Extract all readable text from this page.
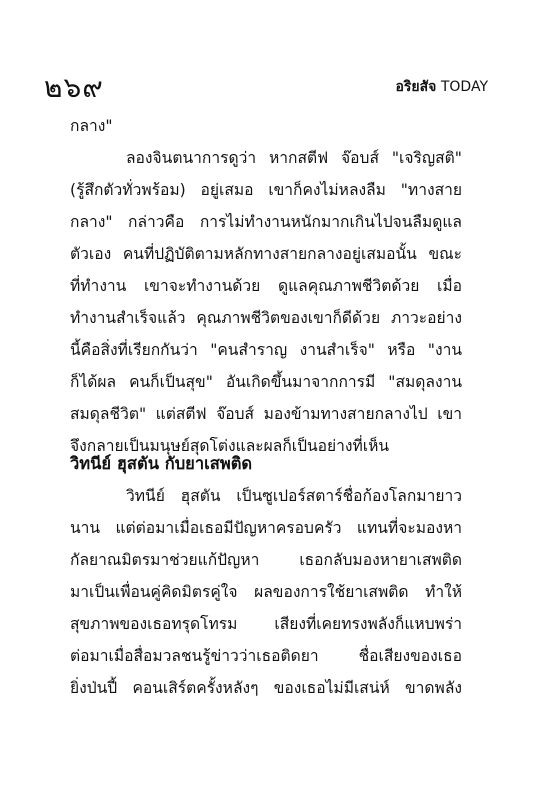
๒๖๙	อริยสัจ TODAY
กลาง"
ลองจินตนาการดูว่า หากสตีฟ จ๊อบส์ "เจริญสติ"
(รู้สึกตัวทั่วพร้อม) อยู่เสมอ เขาก็คงไม่หลงลืม "ทางสาย
กลาง" กล่าวคือ การไม่ทำงานหนักมากเกินไปจนลืมดูแล
ตัวเอง คนที่ปฏิบัติตามหลักทางสายกลางอยู่เสมอนั้น ขณะ
ที่ทำงาน เขาจะทำงานด้วย ดูแลคุณภาพชีวิตด้วย เมื่อ
ทำงานสำเร็จแล้ว คุณภาพชีวิตของเขาก็ดีด้วย ภาวะอย่าง
นี้คือสิ่งที่เรียกกันว่า "คนสำราญ งานสำเร็จ" หรือ "งาน
ก็ได้ผล คนก็เป็นสุข" อันเกิดขึ้นมาจากการมี "สมดุลงาน
สมดุลชีวิต" แต่สตีฟ จ๊อบส์ มองข้ามทางสายกลางไป เขา
จึงกลายเป็นมนุษย์สุดโต่งและผลก็เป็นอย่างที่เห็น
วิทนีย์ ฮุสตัน กับยาเสพติด
วิทนีย์ ฮุสตัน เป็นซูเปอร์สตาร์ชื่อก้องโลกมายาว
นาน แต่ต่อมาเมื่อเธอมีปัญหาครอบครัว แทนที่จะมองหา
กัลยาณมิตรมาช่วยแก้ปัญหา เธอกลับมองหายาเสพติด
มาเป็นเพื่อนคู่คิดมิตรคู่ใจ ผลของการใช้ยาเสพติด ทำให้
สุขภาพของเธอทรุดโทรม เสียงที่เคยทรงพลังก็แหบพร่า
ต่อมาเมื่อสื่อมวลชนรู้ข่าวว่าเธอติดยา ชื่อเสียงของเธอ
ยิ่งป่นปี้ คอนเสิร์ตครั้งหลังๆ ของเธอไม่มีเสน่ห์ ขาดพลัง
